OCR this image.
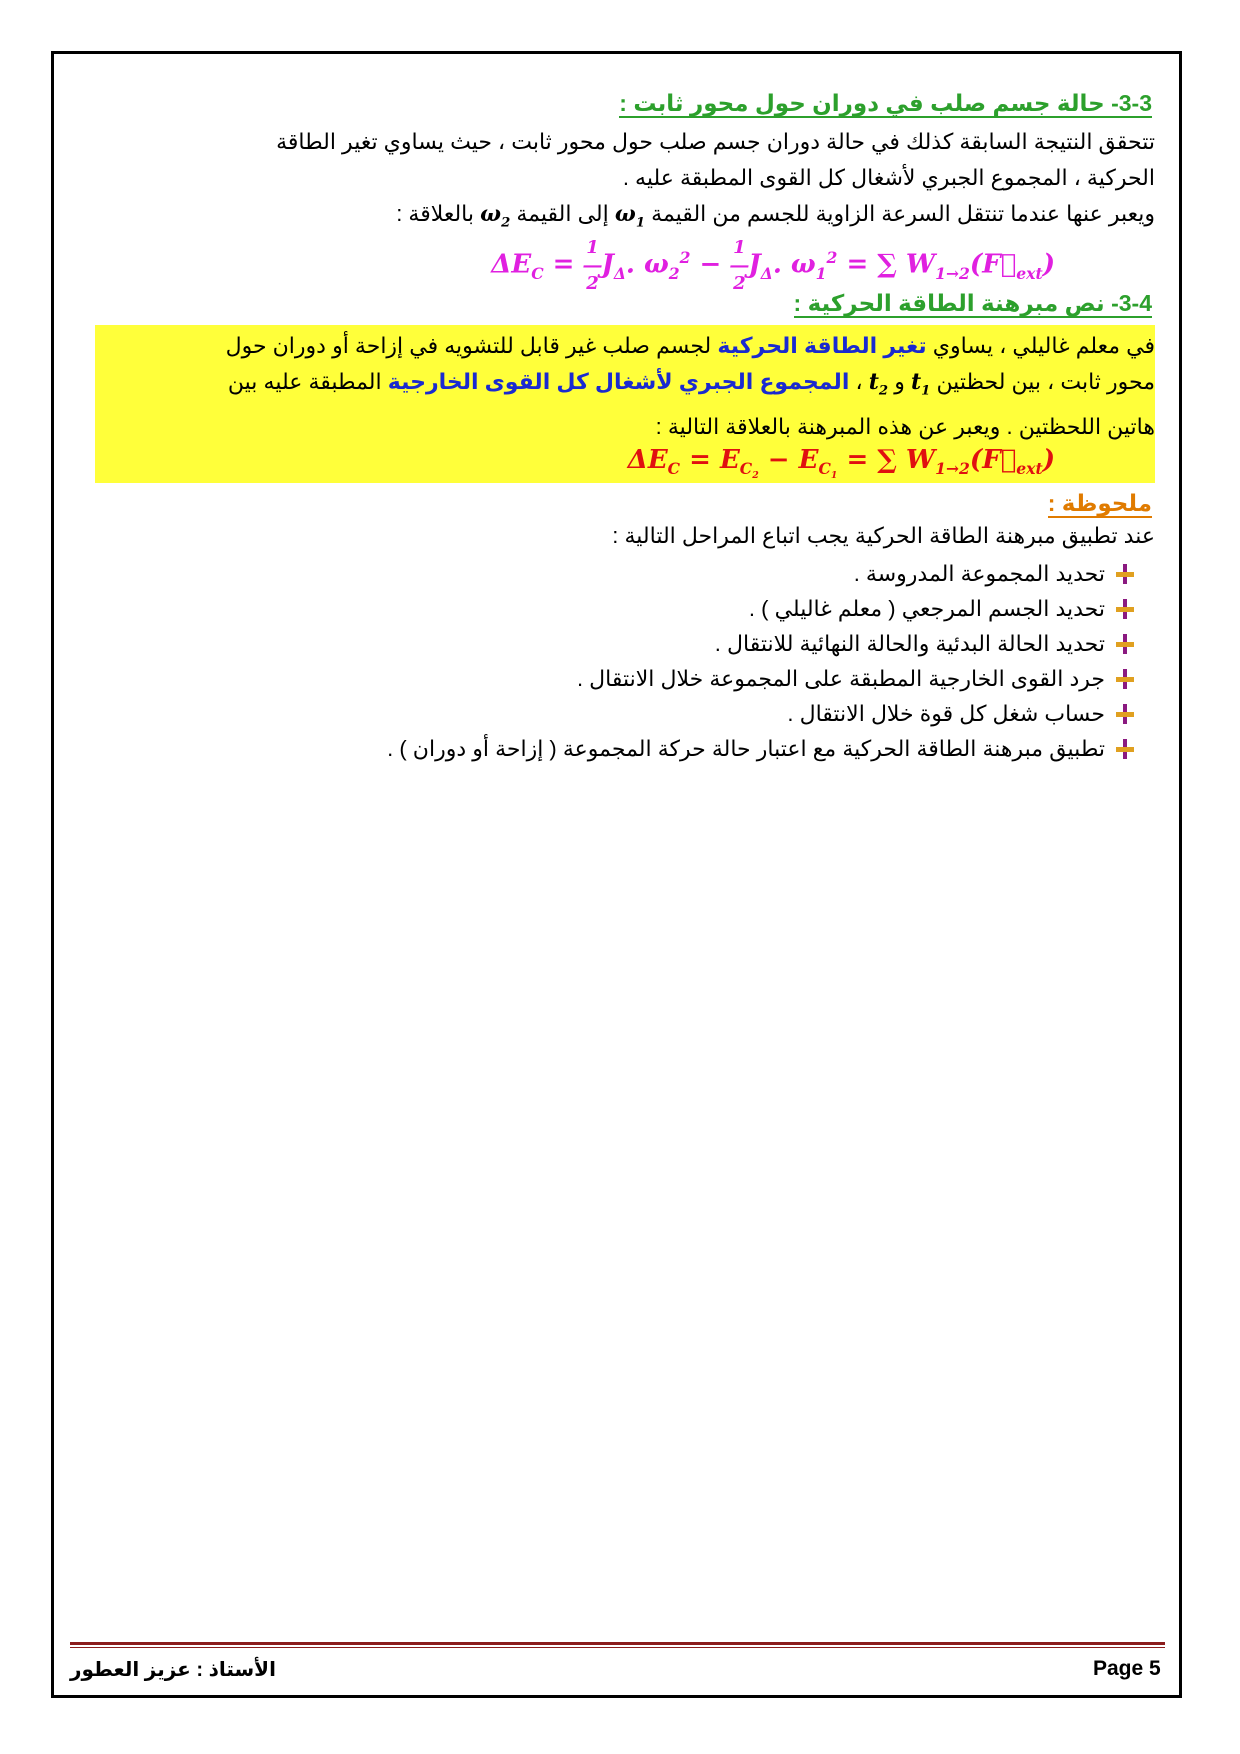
3-3- حالة جسم صلب في دوران حول محور ثابت :

تتحقق النتيجة السابقة كذلك في حالة دوران جسم صلب حول محور ثابت ، حيث يساوي تغير الطاقة

الحركية ، المجموع الجبري لأشغال كل القوى المطبقة عليه .

ويعبر عنها عندما تنتقل السرعة الزاوية للجسم من القيمة $\omega_1$ إلى القيمة $\omega_2$ بالعلاقة :

$\Delta E_C = 1$
―
$2J_\Delta$. $\omega_2^2 - 1$
―
$2J_\Delta$. $\omega_1^2$ = ∑ $W_{1\to 2}(F⃗_{ext})$
3-4- نص مبرهنة الطاقة الحركية :

في معلم غاليلي ، يساوي تغير الطاقة الحركية لجسم صلب غير قابل للتشويه في إزاحة أو دوران حول

محور ثابت ، بين لحظتين $t_1$ و $t_2$ ، المجموع الجبري لأشغال كل القوى الخارجية المطبقة عليه بين

هاتين اللحظتين . ويعبر عن هذه المبرهنة بالعلاقة التالية :

$\Delta E_C = E_{C_2} - E_{C_1}$ = ∑ $W_{1\to 2}(F⃗_{ext})$
ملحوظة :

عند تطبيق مبرهنة الطاقة الحركية يجب اتباع المراحل التالية :

تحديد المجموعة المدروسة .
تحديد الجسم المرجعي ( معلم غاليلي ) .
تحديد الحالة البدئية والحالة النهائية للانتقال .
جرد القوى الخارجية المطبقة على المجموعة خلال الانتقال .
حساب شغل كل قوة خلال الانتقال .
تطبيق مبرهنة الطاقة الحركية مع اعتبار حالة حركة المجموعة ( إزاحة أو دوران ) .
Page 5
الأستاذ : عزيز العطور
